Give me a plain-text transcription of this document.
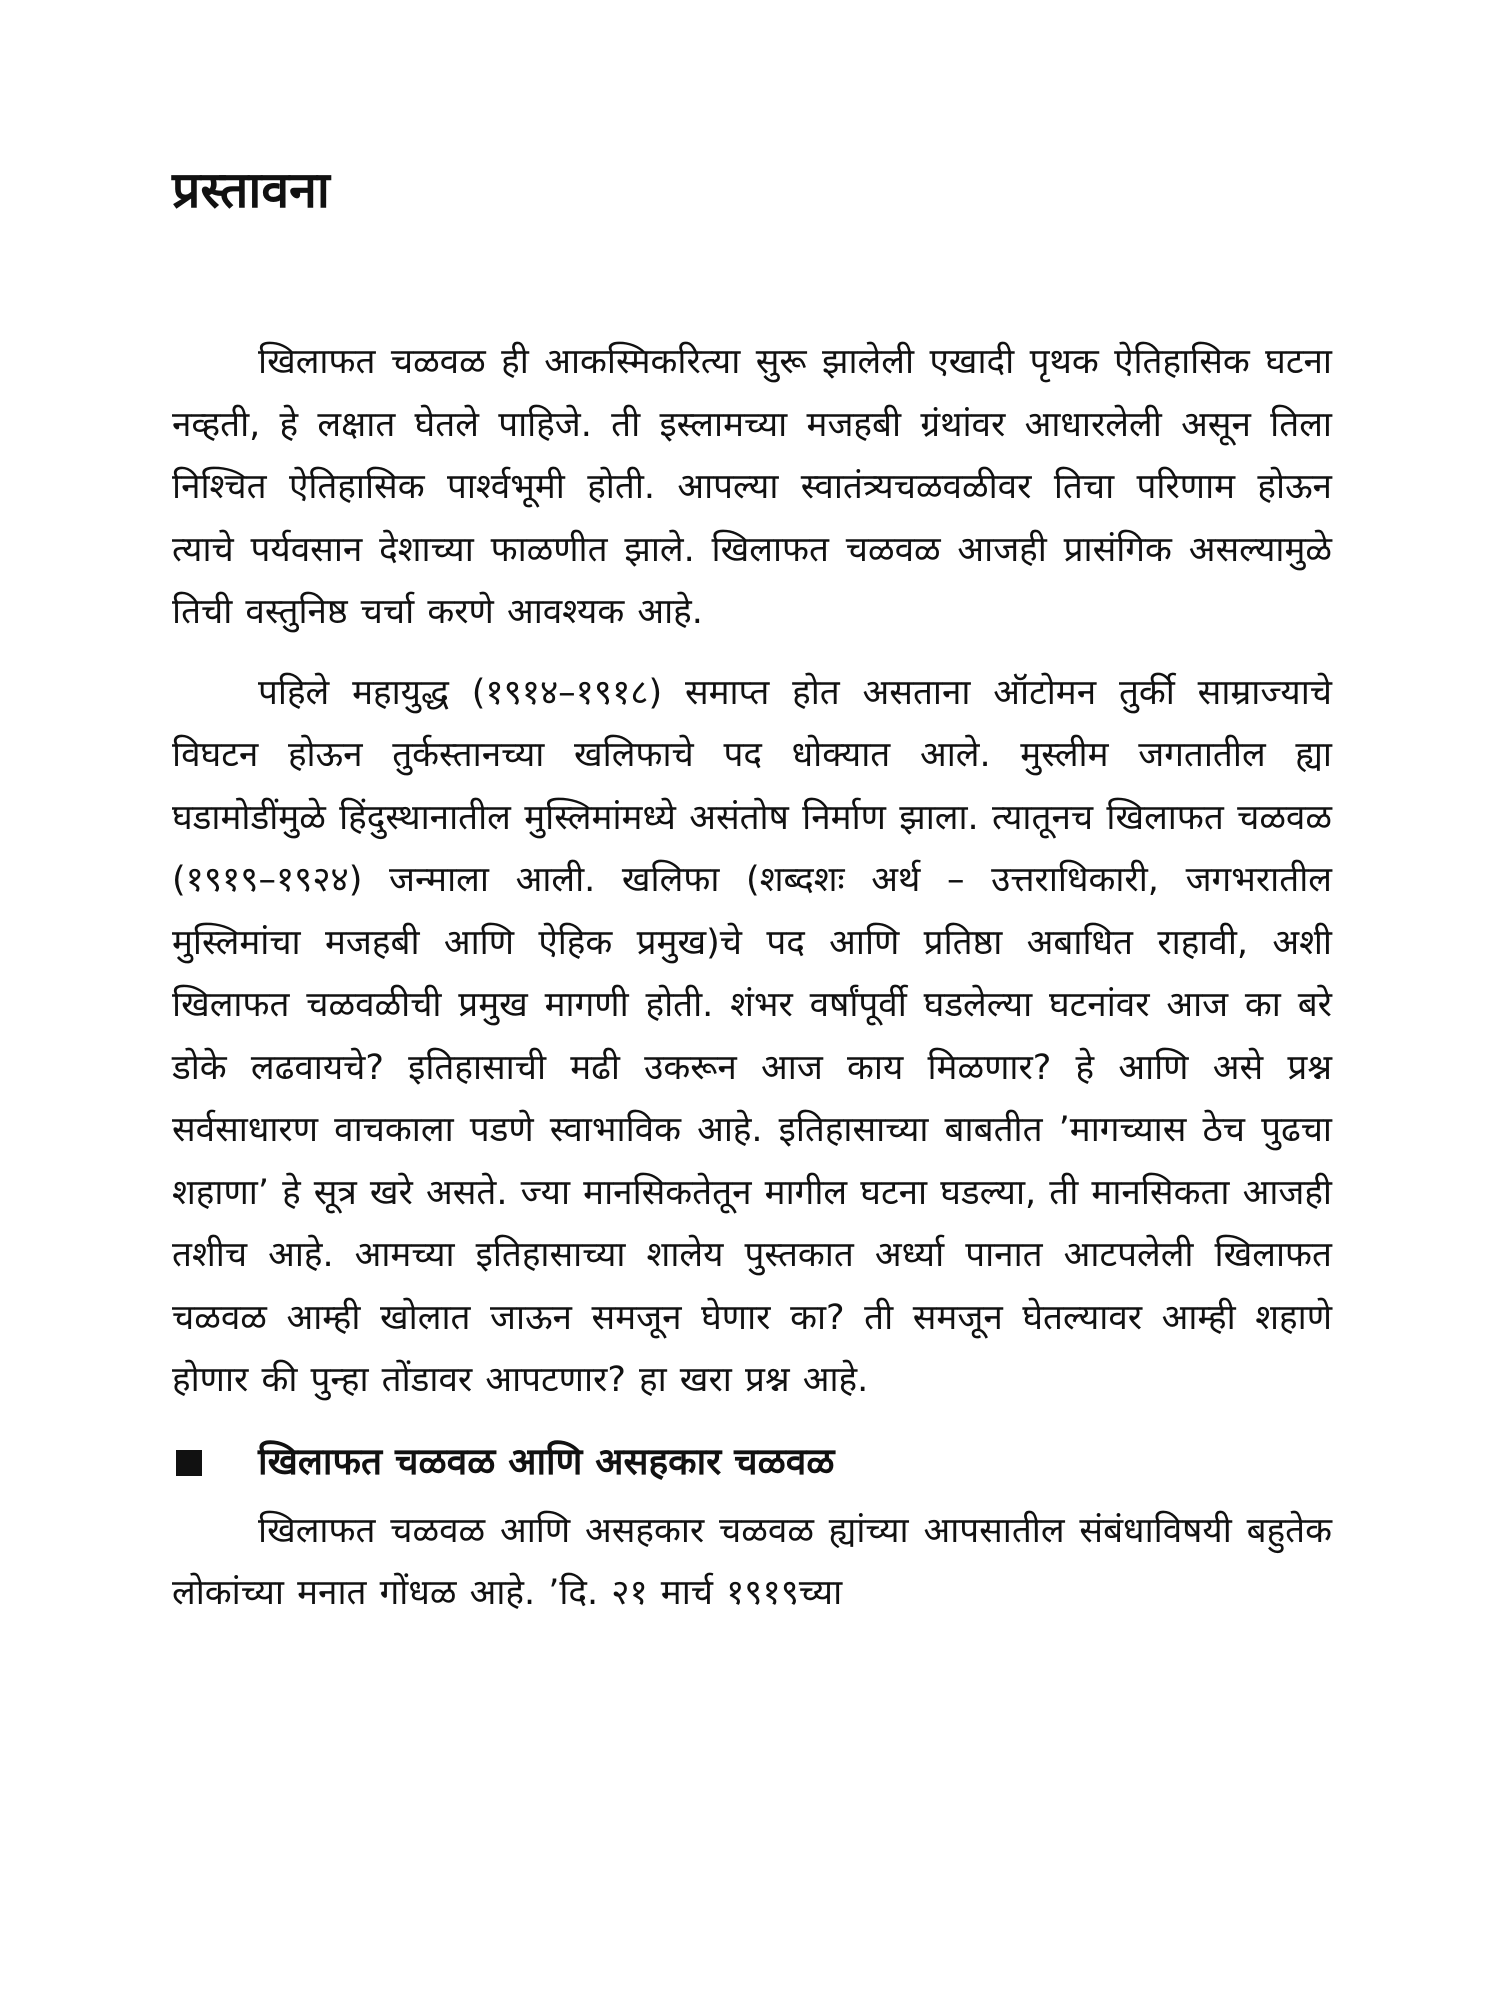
प्रस्तावना

खिलाफत चळवळ ही आकस्मिकरित्या सुरू झालेली एखादी पृथक ऐतिहासिक घटना नव्हती, हे लक्षात घेतले पाहिजे. ती इस्लामच्या मजहबी ग्रंथांवर आधारलेली असून तिला निश्चित ऐतिहासिक पार्श्वभूमी होती. आपल्या स्वातंत्र्यचळवळीवर तिचा परिणाम होऊन त्याचे पर्यवसान देशाच्या फाळणीत झाले. खिलाफत चळवळ आजही प्रासंगिक असल्यामुळे तिची वस्तुनिष्ठ चर्चा करणे आवश्यक आहे.

पहिले महायुद्ध (१९१४–१९१८) समाप्त होत असताना ऑटोमन तुर्की साम्राज्याचे विघटन होऊन तुर्कस्तानच्या खलिफाचे पद धोक्यात आले. मुस्लीम जगतातील ह्या घडामोडींमुळे हिंदुस्थानातील मुस्लिमांमध्ये असंतोष निर्माण झाला. त्यातूनच खिलाफत चळवळ (१९१९–१९२४) जन्माला आली. खलिफा (शब्दशः अर्थ – उत्तराधिकारी, जगभरातील मुस्लिमांचा मजहबी आणि ऐहिक प्रमुख)चे पद आणि प्रतिष्ठा अबाधित राहावी, अशी खिलाफत चळवळीची प्रमुख मागणी होती. शंभर वर्षांपूर्वी घडलेल्या घटनांवर आज का बरे डोके लढवायचे? इतिहासाची मढी उकरून आज काय मिळणार? हे आणि असे प्रश्न सर्वसाधारण वाचकाला पडणे स्वाभाविक आहे. इतिहासाच्या बाबतीत ’मागच्यास ठेच पुढचा शहाणा’ हे सूत्र खरे असते. ज्या मानसिकतेतून मागील घटना घडल्या, ती मानसिकता आजही तशीच आहे. आमच्या इतिहासाच्या शालेय पुस्तकात अर्ध्या पानात आटपलेली खिलाफत चळवळ आम्ही खोलात जाऊन समजून घेणार का? ती समजून घेतल्यावर आम्ही शहाणे होणार की पुन्हा तोंडावर आपटणार? हा खरा प्रश्न आहे.

खिलाफत चळवळ आणि असहकार चळवळ

खिलाफत चळवळ आणि असहकार चळवळ ह्यांच्या आपसातील संबंधाविषयी बहुतेक लोकांच्या मनात गोंधळ आहे. ’दि. २१ मार्च १९१९च्या
